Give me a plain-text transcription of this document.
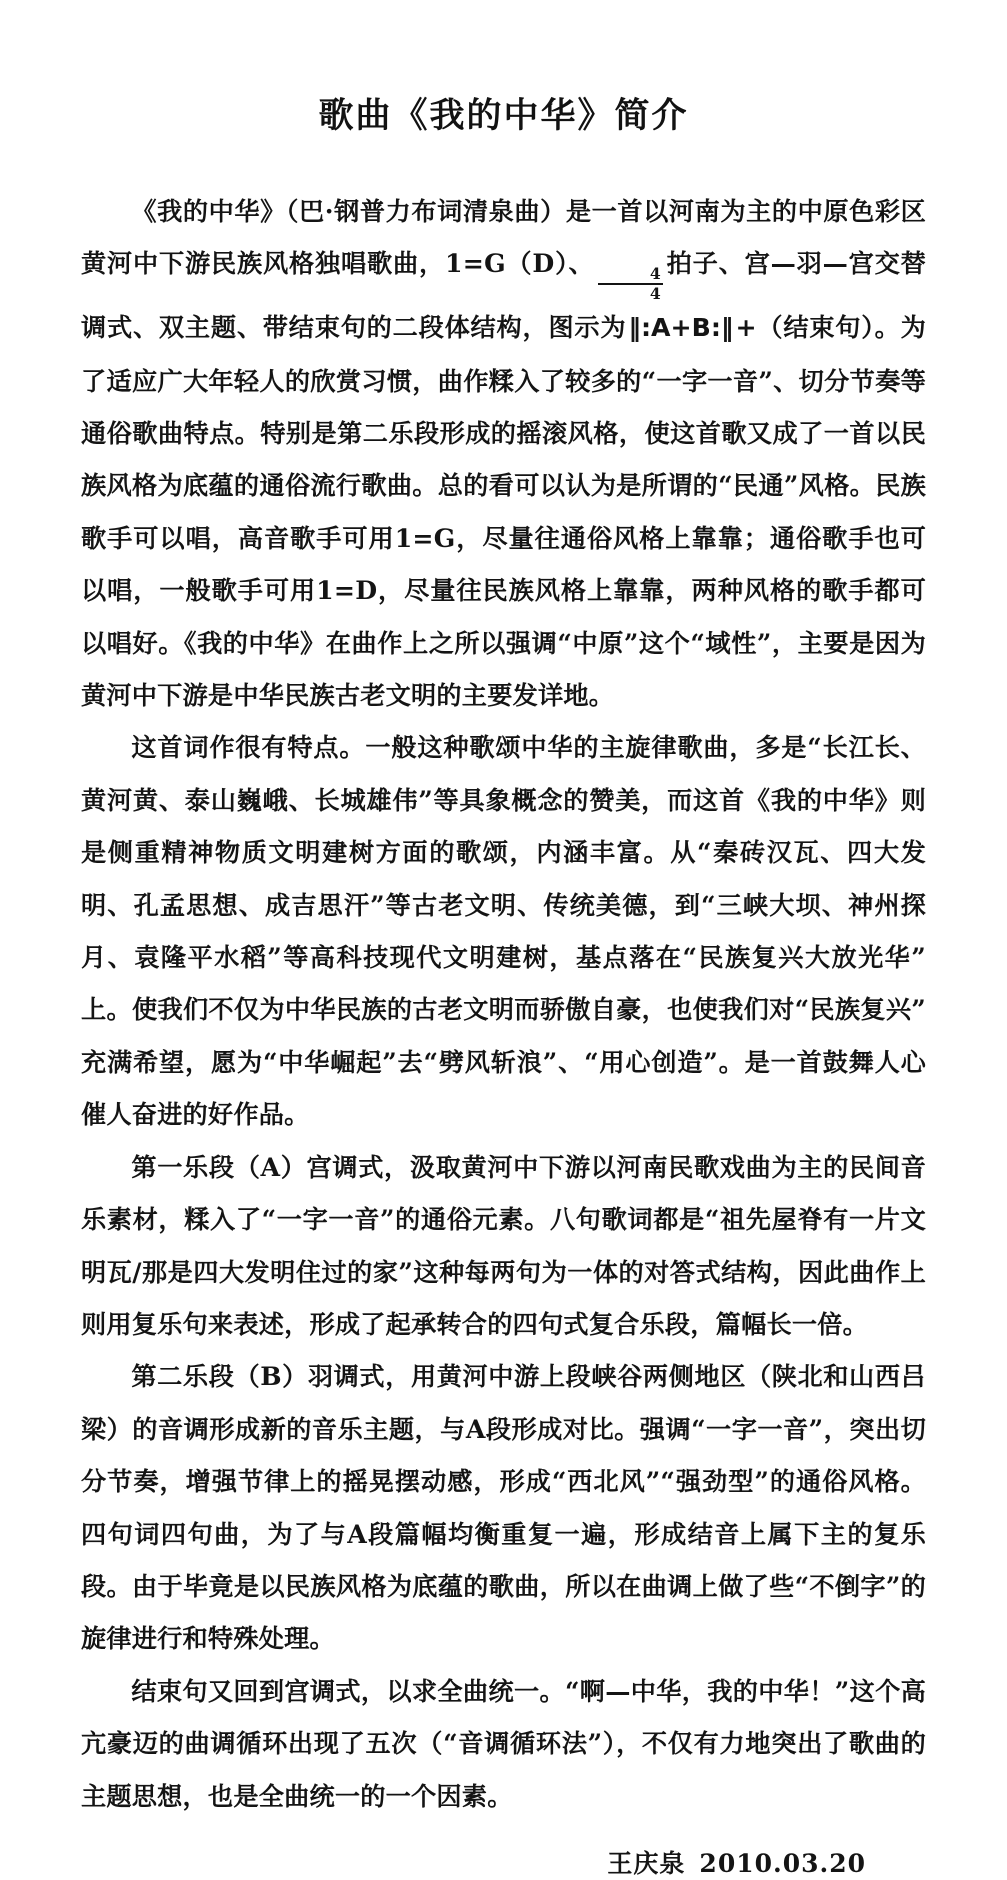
歌曲《我的中华》简介

《我的中华》（巴·钢普力布词清泉曲）是一首以河南为主的中原色彩区黄河中下游民族风格独唱歌曲，1=G（D）、
$\frac{4}{4}$
拍子、宫—羽—宫交替调式、双主题、带结束句的二段体结构，图示为‖:A+B:‖+（结束句）。为了适应广大年轻人的欣赏习惯，曲作糅入了较多的“一字一音”、切分节奏等通俗歌曲特点。特别是第二乐段形成的摇滚风格，使这首歌又成了一首以民族风格为底蕴的通俗流行歌曲。总的看可以认为是所谓的“民通”风格。民族歌手可以唱，高音歌手可用1=G，尽量往通俗风格上靠靠；通俗歌手也可以唱，一般歌手可用1=D，尽量往民族风格上靠靠，两种风格的歌手都可以唱好。《我的中华》在曲作上之所以强调“中原”这个“域性”，主要是因为黄河中下游是中华民族古老文明的主要发详地。

这首词作很有特点。一般这种歌颂中华的主旋律歌曲，多是“长江长、黄河黄、泰山巍峨、长城雄伟”等具象概念的赞美，而这首《我的中华》则是侧重精神物质文明建树方面的歌颂，内涵丰富。从“秦砖汉瓦、四大发明、孔孟思想、成吉思汗”等古老文明、传统美德，到“三峡大坝、神州探月、袁隆平水稻”等高科技现代文明建树，基点落在“民族复兴大放光华”上。使我们不仅为中华民族的古老文明而骄傲自豪，也使我们对“民族复兴”充满希望，愿为“中华崛起”去“劈风斩浪”、“用心创造”。是一首鼓舞人心催人奋进的好作品。

第一乐段（A）宫调式，汲取黄河中下游以河南民歌戏曲为主的民间音乐素材，糅入了“一字一音”的通俗元素。八句歌词都是“祖先屋脊有一片文明瓦/那是四大发明住过的家”这种每两句为一体的对答式结构，因此曲作上则用复乐句来表述，形成了起承转合的四句式复合乐段，篇幅长一倍。

第二乐段（B）羽调式，用黄河中游上段峡谷两侧地区（陕北和山西吕梁）的音调形成新的音乐主题，与A段形成对比。强调“一字一音”，突出切分节奏，增强节律上的摇晃摆动感，形成“西北风”“强劲型”的通俗风格。四句词四句曲，为了与A段篇幅均衡重复一遍，形成结音上属下主的复乐段。由于毕竟是以民族风格为底蕴的歌曲，所以在曲调上做了些“不倒字”的旋律进行和特殊处理。

结束句又回到宫调式，以求全曲统一。“啊—中华，我的中华！”这个高亢豪迈的曲调循环出现了五次（“音调循环法”），不仅有力地突出了歌曲的主题思想，也是全曲统一的一个因素。

王庆泉 2010.03.20
